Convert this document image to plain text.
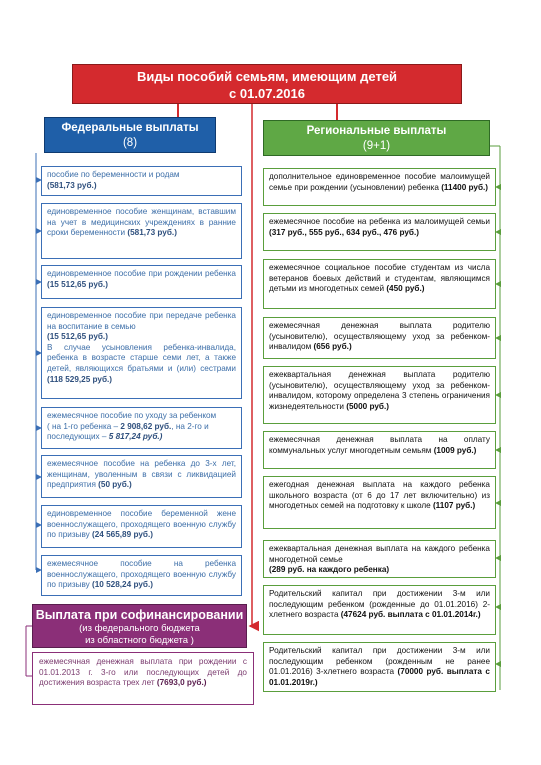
Виды пособий семьям, имеющим детей
с 01.07.2016
Федеральные выплаты
(8)
Региональные выплаты
(9+1)
пособие по беременности и родам
(581,73 руб.)
единовременное пособие женщинам, вставшим на учет в медицинских учреждениях в ранние сроки беременности (581,73 руб.)
единовременное пособие при рождении ребенка (15 512,65 руб.)
единовременное пособие при передаче ребенка на воспитание в семью
(15 512,65 руб.)
В случае усыновления ребенка-инвалида, ребенка в возрасте старше семи лет, а также детей, являющихся братьями и (или) сестрами (118 529,25 руб.)
ежемесячное пособие по уходу за ребенком
( на 1-го ребенка – 2 908,62 руб., на 2-го и последующих – 5 817,24 руб.)
ежемесячное пособие на ребенка до 3-х лет, женщинам, уволенным в связи с ликвидацией предприятия (50 руб.)
единовременное пособие беременной жене военнослужащего, проходящего военную службу по призыву (24 565,89 руб.)
ежемесячное пособие на ребенка военнослужащего, проходящего военную службу по призыву (10 528,24 руб.)
Выплата при софинансировании
(из федерального бюджета
из областного бюджета )
ежемесячная денежная выплата при рождении с 01.01.2013 г. 3-го или последующих детей до достижения возраста трех лет (7693,0 руб.)
дополнительное единовременное пособие малоимущей семье при рождении (усыновлении) ребенка (11400 руб.)
ежемесячное пособие на ребенка из малоимущей семьи (317 руб., 555 руб., 634 руб., 476 руб.)
ежемесячное социальное пособие студентам из числа ветеранов боевых действий и студентам, являющимся детьми из многодетных семей (450 руб.)
ежемесячная денежная выплата родителю (усыновителю), осуществляющему уход за ребенком-инвалидом (656 руб.)
ежеквартальная денежная выплата родителю (усыновителю), осуществляющему уход за ребенком-инвалидом, которому определена 3 степень ограничения жизнедеятельности (5000 руб.)
ежемесячная денежная выплата на оплату коммунальных услуг многодетным семьям (1009 руб.)
ежегодная денежная выплата на каждого ребенка школьного возраста (от 6 до 17 лет включительно) из многодетных семей на подготовку к школе (1107 руб.)
ежеквартальная денежная выплата на каждого ребенка многодетной семье
(289 руб. на каждого ребенка)
Родительский капитал при достижении 3-м или последующим ребенком (рожденные до 01.01.2016) 2-хлетнего возраста (47624 руб. выплата с 01.01.2014г.)
Родительский капитал при достижении 3-м или последующим ребенком (рожденным не ранее 01.01.2016) 3-хлетнего возраста (70000 руб. выплата с 01.01.2019г.)
